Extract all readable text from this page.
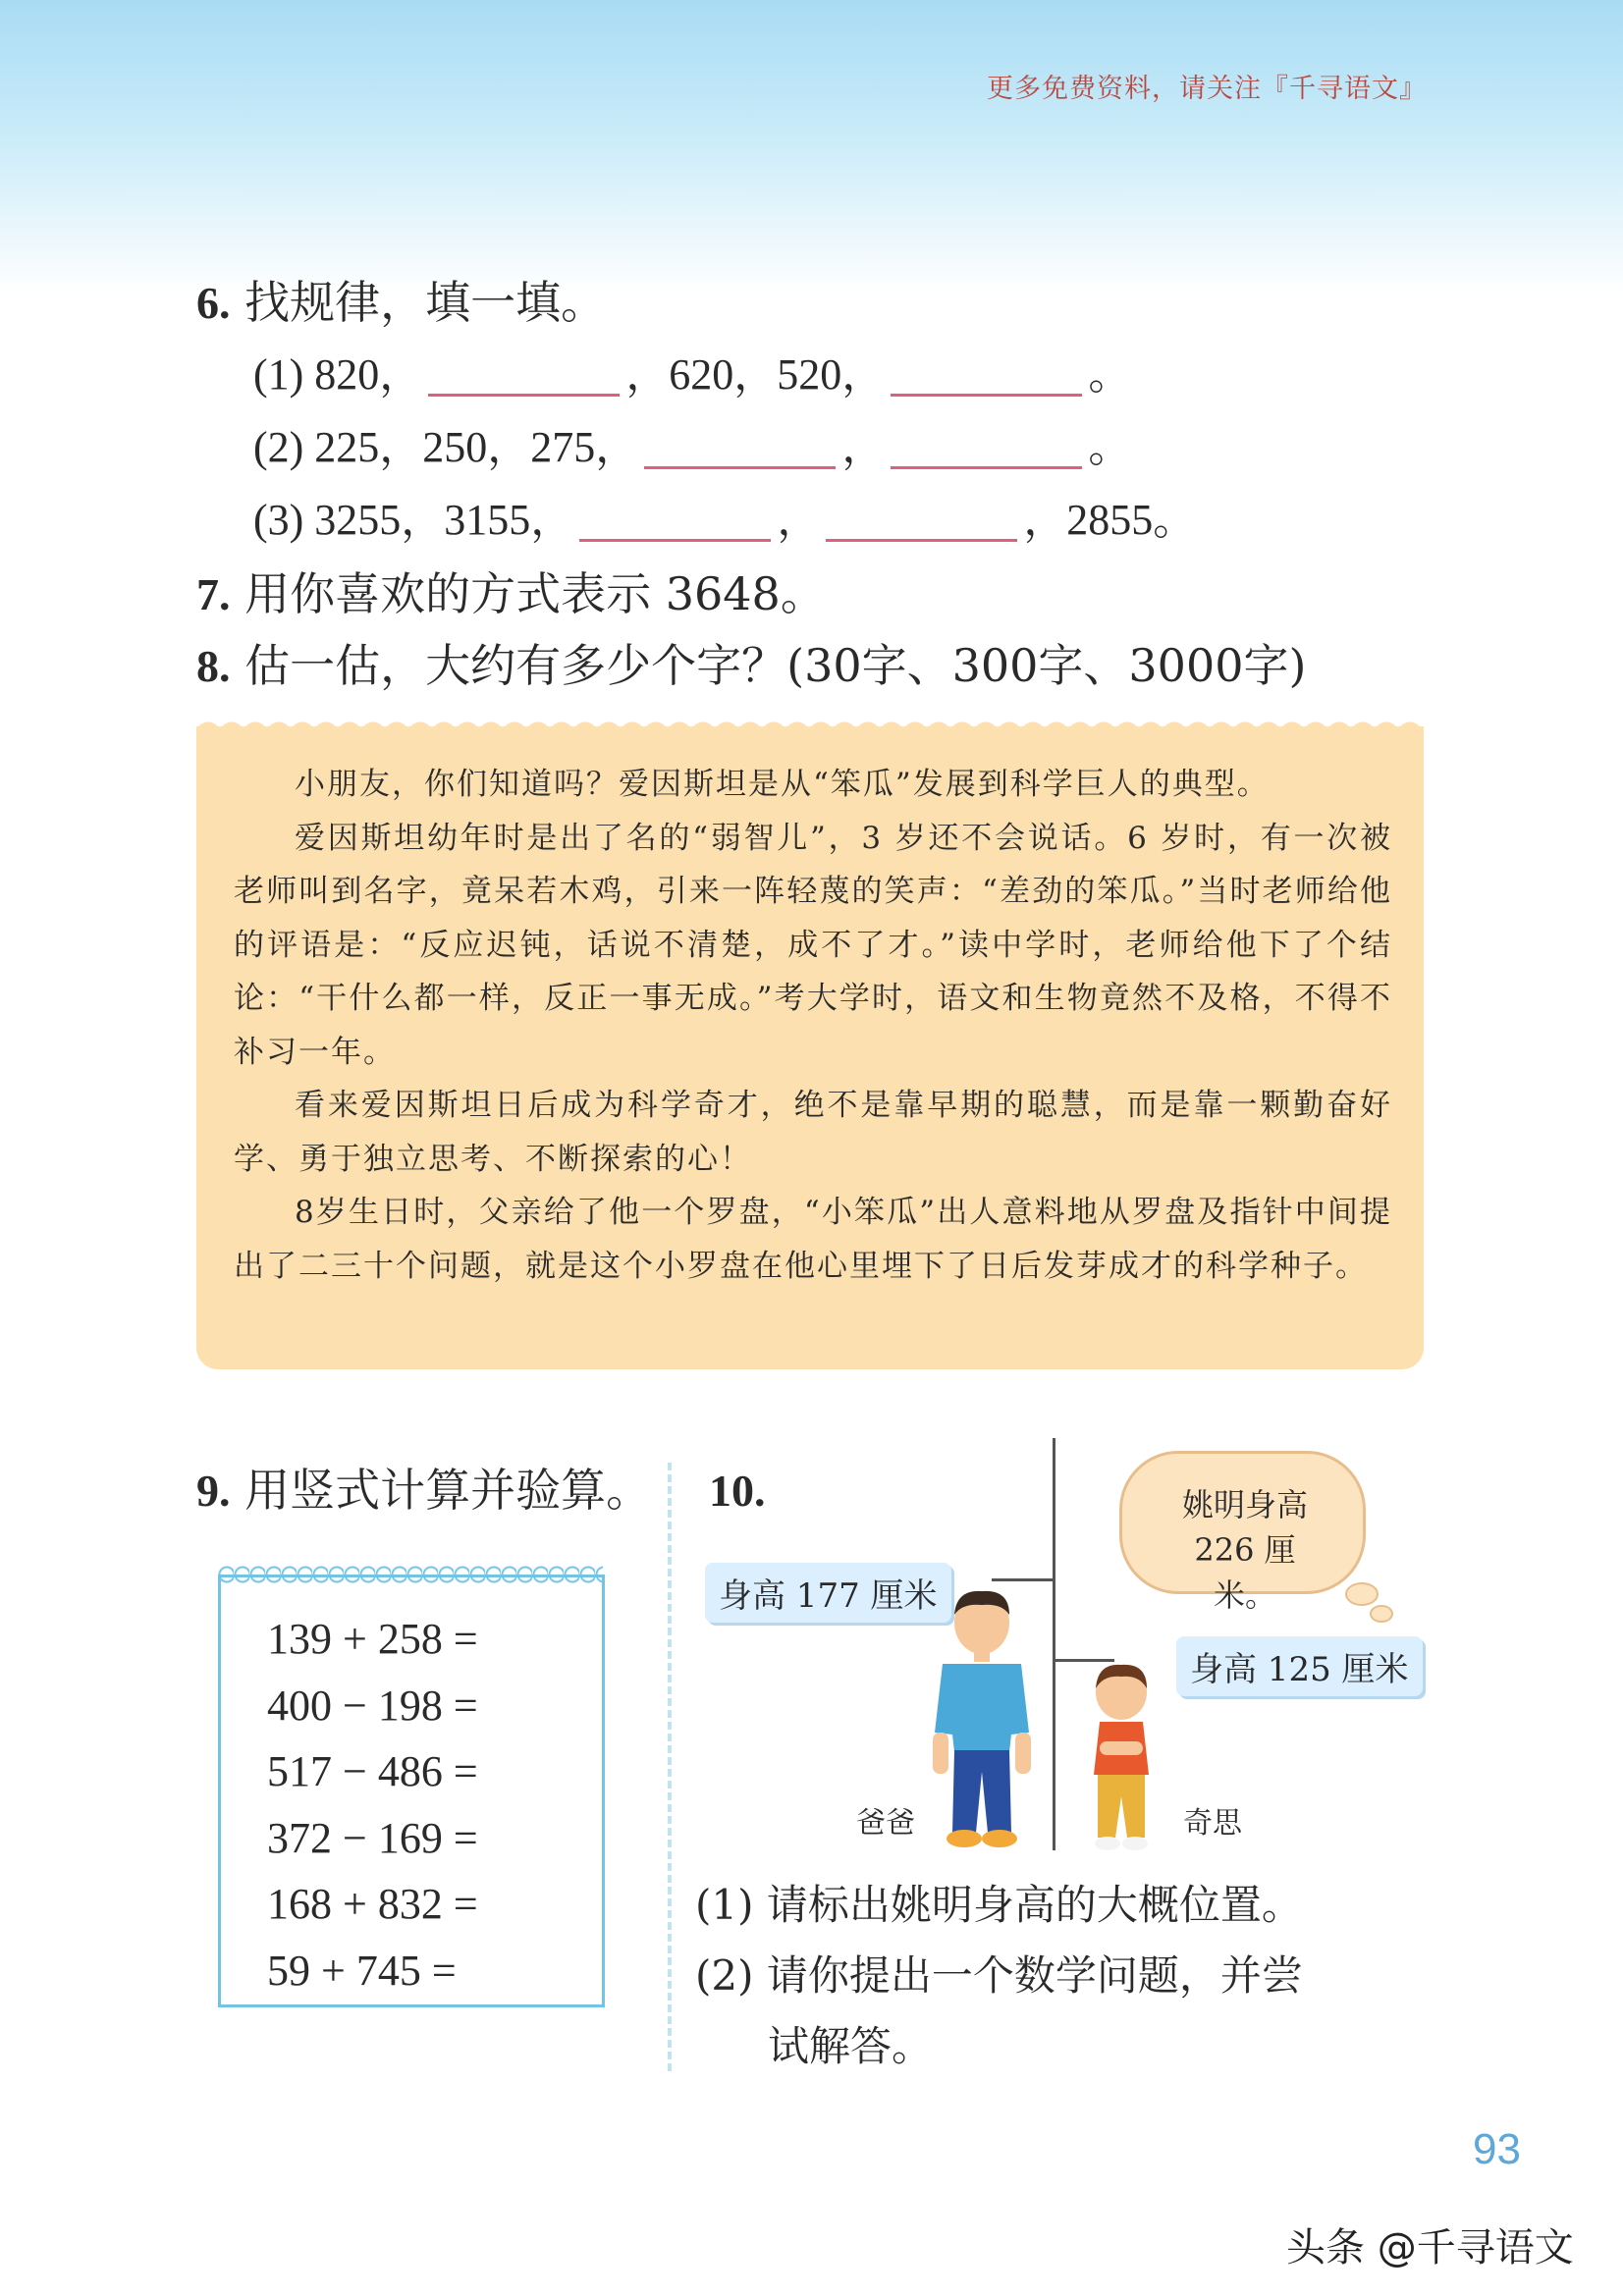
更多免费资料，请关注『千寻语文』
6. 找规律，填一填。
(1) 820，	，620，520，	。
(2) 225，250，275，	，	。
(3) 3255，3155，	，	，2855。
7. 用你喜欢的方式表示 3648。
8. 估一估，大约有多少个字？(30字、300字、3000字)

小朋友，你们知道吗？爱因斯坦是从“笨瓜”发展到科学巨人的典型。

爱因斯坦幼年时是出了名的“弱智儿”，3 岁还不会说话。6 岁时，有一次被老师叫到名字，竟呆若木鸡，引来一阵轻蔑的笑声：“差劲的笨瓜。”当时老师给他的评语是：“反应迟钝，话说不清楚，成不了才。”读中学时，老师给他下了个结论：“干什么都一样，反正一事无成。”考大学时，语文和生物竟然不及格，不得不补习一年。

看来爱因斯坦日后成为科学奇才，绝不是靠早期的聪慧，而是靠一颗勤奋好学、勇于独立思考、不断探索的心！

8岁生日时，父亲给了他一个罗盘，“小笨瓜”出人意料地从罗盘及指针中间提出了二三十个问题，就是这个小罗盘在他心里埋下了日后发芽成才的科学种子。

9. 用竖式计算并验算。
139 + 258 =
400 − 198 =
517 − 486 =
372 − 169 =
168 + 832 =
59 + 745 =
10.
身高 177 厘米
身高 125 厘米
姚明身高
226 厘米。
爸爸	奇思
(1) 请标出姚明身高的大概位置。
(2) 请你提出一个数学问题，并尝
试解答。
93
头条 @千寻语文
